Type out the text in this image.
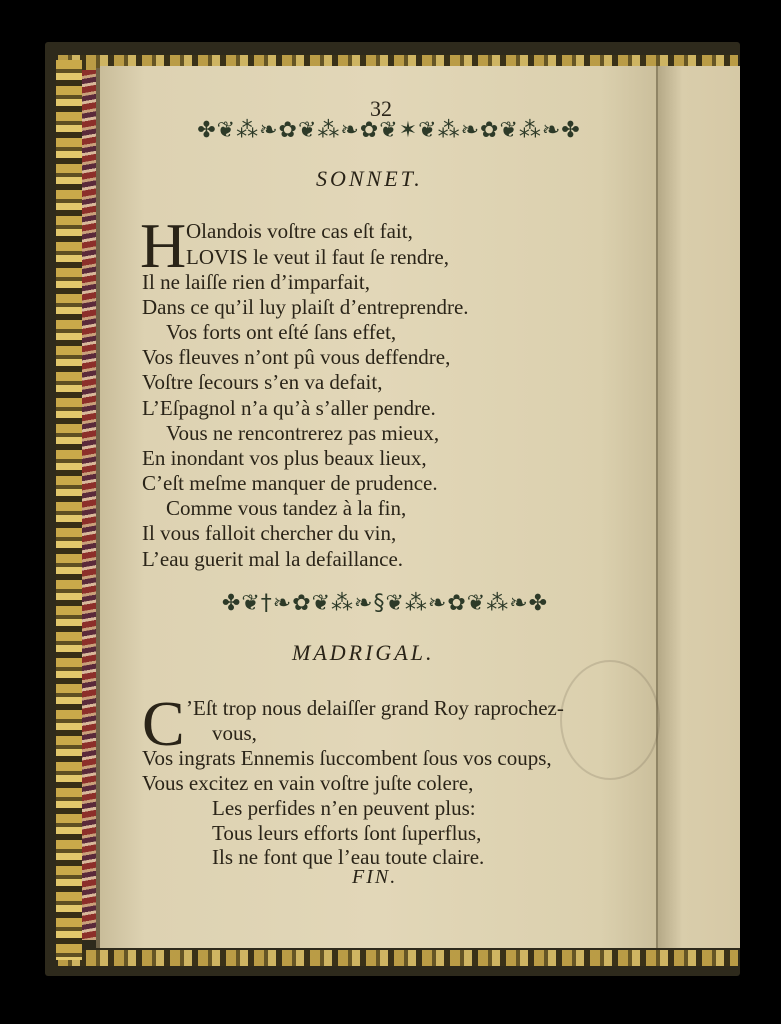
32
✤❦⁂❧✿❦⁂❧✿❦✶❦⁂❧✿❦⁂❧✤
SONNET.
H Olandois voſtre cas eſt fait,
LOVIS le veut il faut ſe rendre,
Il ne laiſſe rien d’imparfait,
Dans ce qu’il luy plaiſt d’entreprendre.
Vos forts ont eſté ſans effet,
Vos fleuves n’ont pû vous deffendre,
Voſtre ſecours s’en va defait,
L’Eſpagnol n’a qu’à s’aller pendre.
Vous ne rencontrerez pas mieux,
En inondant vos plus beaux lieux,
C’eſt meſme manquer de prudence.
Comme vous tandez à la fin,
Il vous falloit chercher du vin,
L’eau guerit mal la defaillance.
✤❦†❧✿❦⁂❧§❦⁂❧✿❦⁂❧✤
MADRIGAL.
C ’Eſt trop nous delaiſſer grand Roy raprochez-
vous,
Vos ingrats Ennemis ſuccombent ſous vos coups,
Vous excitez en vain voſtre juſte colere,
Les perfides n’en peuvent plus:
Tous leurs efforts ſont ſuperflus,
Ils ne font que l’eau toute claire.
FIN.
